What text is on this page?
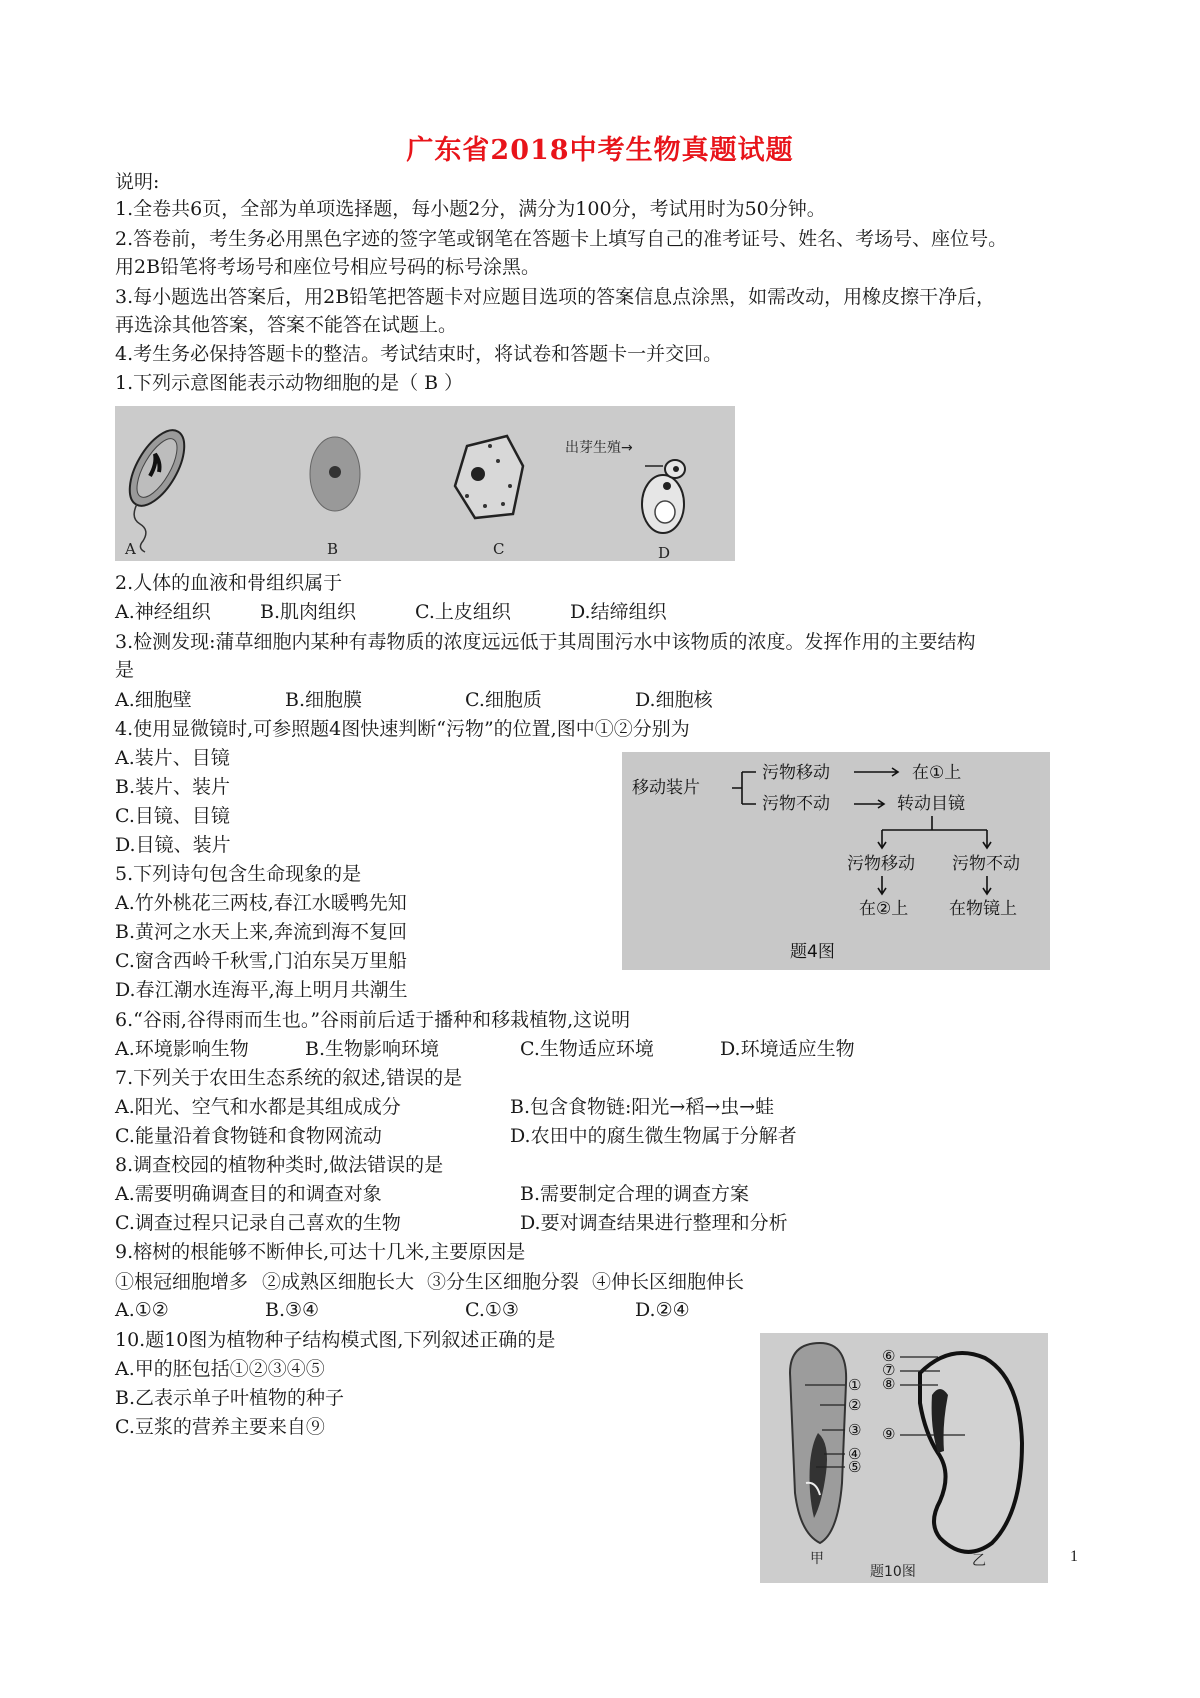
广东省2018中考生物真题试题
说明:
1.全卷共6页，全部为单项选择题，每小题2分，满分为100分，考试用时为50分钟。
2.答卷前，考生务必用黑色字迹的签字笔或钢笔在答题卡上填写自己的准考证号、姓名、考场号、座位号。
用2B铅笔将考场号和座位号相应号码的标号涂黑。
3.每小题选出答案后，用2B铅笔把答题卡对应题目选项的答案信息点涂黑，如需改动，用橡皮擦干净后，
再选涂其他答案，答案不能答在试题上。
4.考生务必保持答题卡的整洁。考试结束时，将试卷和答题卡一并交回。
1.下列示意图能表示动物细胞的是（ B ）
出芽生殖→
A	B	C	D
2.人体的血液和骨组织属于
A.神经组织	B.肌肉组织	C.上皮组织	D.结缔组织
3.检测发现:蒲草细胞内某种有毒物质的浓度远远低于其周围污水中该物质的浓度。发挥作用的主要结构
是
A.细胞壁	B.细胞膜	C.细胞质	D.细胞核
4.使用显微镜时,可参照题4图快速判断“污物”的位置,图中①②分别为
A.装片、目镜
B.装片、装片
C.目镜、目镜
D.目镜、装片
移动装片
污物移动	在①上
污物不动	转动目镜
污物移动 污物不动
在②上 在物镜上
题4图
5.下列诗句包含生命现象的是
A.竹外桃花三两枝,春江水暖鸭先知
B.黄河之水天上来,奔流到海不复回
C.窗含西岭千秋雪,门泊东吴万里船
D.春江潮水连海平,海上明月共潮生
6.“谷雨,谷得雨而生也。”谷雨前后适于播种和移栽植物,这说明
A.环境影响生物	B.生物影响环境	C.生物适应环境	D.环境适应生物
7.下列关于农田生态系统的叙述,错误的是
A.阳光、空气和水都是其组成成分	B.包含食物链:阳光→稻→虫→蛙
C.能量沿着食物链和食物网流动	D.农田中的腐生微生物属于分解者
8.调查校园的植物种类时,做法错误的是
A.需要明确调查目的和调查对象	B.需要制定合理的调查方案
C.调查过程只记录自己喜欢的生物	D.要对调查结果进行整理和分析
9.榕树的根能够不断伸长,可达十几米,主要原因是
①根冠细胞增多 ②成熟区细胞长大 ③分生区细胞分裂 ④伸长区细胞伸长
A.①②	B.③④	C.①③	D.②④
10.题10图为植物种子结构模式图,下列叙述正确的是
A.甲的胚包括①②③④⑤
B.乙表示单子叶植物的种子
C.豆浆的营养主要来自⑨
①
②
③
④
⑤
⑥
⑦
⑧
⑨
甲	乙
题10图
1
